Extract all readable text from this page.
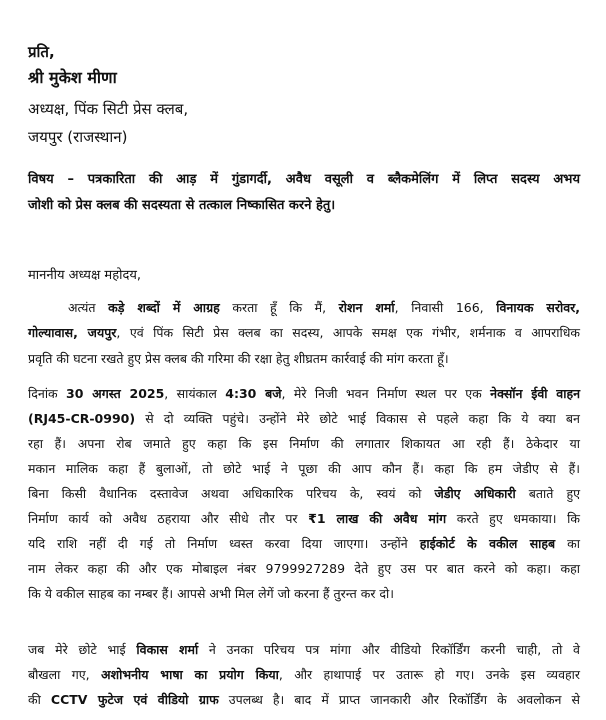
प्रति,
श्री मुकेश मीणा
अध्यक्ष, पिंक सिटी प्रेस क्लब,
जयपुर (राजस्थान)
विषय – पत्रकारिता की आड़ में गुंडागर्दी, अवैध वसूली व ब्लैकमेलिंग में लिप्त सदस्य अभय
जोशी को प्रेस क्लब की सदस्यता से तत्काल निष्कासित करने हेतु।
माननीय अध्यक्ष महोदय,
अत्यंत कड़े शब्दों में आग्रह करता हूँ कि मैं, रोशन शर्मा, निवासी 166, विनायक सरोवर,
गोल्यावास, जयपुर, एवं पिंक सिटी प्रेस क्लब का सदस्य, आपके समक्ष एक गंभीर, शर्मनाक व आपराधिक
प्रवृति की घटना रखते हुए प्रेस क्लब की गरिमा की रक्षा हेतु शीघ्रतम कार्रवाई की मांग करता हूँ।
दिनांक 30 अगस्त 2025, सायंकाल 4:30 बजे, मेरे निजी भवन निर्माण स्थल पर एक नेक्सॉन ईवी वाहन
(RJ45-CR-0990) से दो व्यक्ति पहुंचे। उन्होंने मेरे छोटे भाई विकास से पहले कहा कि ये क्या बन
रहा हैं। अपना रोब जमाते हुए कहा कि इस निर्माण की लगातार शिकायत आ रही हैं। ठेकेदार या
मकान मालिक कहा हैं बुलाओं, तो छोटे भाई ने पूछा की आप कौन हैं। कहा कि हम जेडीए से हैं।
बिना किसी वैधानिक दस्तावेज अथवा अधिकारिक परिचय के, स्वयं को जेडीए अधिकारी बताते हुए
निर्माण कार्य को अवैध ठहराया और सीधे तौर पर ₹1 लाख की अवैध मांग करते हुए धमकाया। कि
यदि राशि नहीं दी गई तो निर्माण ध्वस्त करवा दिया जाएगा। उन्होंने हाईकोर्ट के वकील साहब का
नाम लेकर कहा की और एक मोबाइल नंबर 9799927289 देते हुए उस पर बात करने को कहा। कहा
कि ये वकील साहब का नम्बर हैं। आपसे अभी मिल लेगें जो करना हैं तुरन्त कर दो।
जब मेरे छोटे भाई विकास शर्मा ने उनका परिचय पत्र मांगा और वीडियो रिकॉर्डिंग करनी चाही, तो वे
बौखला गए, अशोभनीय भाषा का प्रयोग किया, और हाथापाई पर उतारू हो गए। उनके इस व्यवहार
की CCTV फुटेज एवं वीडियो ग्राफ उपलब्ध है। बाद में प्राप्त जानकारी और रिकॉर्डिंग के अवलोकन से
